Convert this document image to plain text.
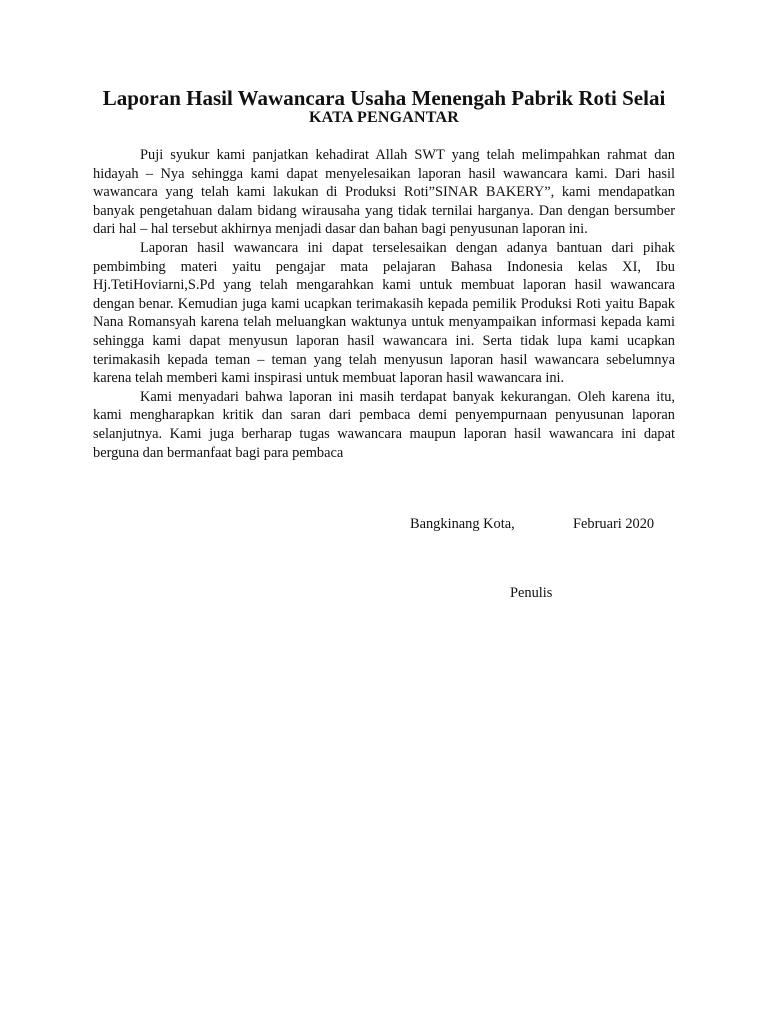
Laporan Hasil Wawancara Usaha Menengah Pabrik Roti Selai
KATA PENGANTAR

Puji syukur kami panjatkan kehadirat Allah SWT yang telah melimpahkan rahmat dan hidayah – Nya sehingga kami dapat menyelesaikan laporan hasil wawancara kami. Dari hasil wawancara yang telah kami lakukan di Produksi Roti”SINAR BAKERY”, kami mendapatkan banyak pengetahuan dalam bidang wirausaha yang tidak ternilai harganya. Dan dengan bersumber dari hal – hal tersebut akhirnya menjadi dasar dan bahan bagi penyusunan laporan ini.

Laporan hasil wawancara ini dapat terselesaikan dengan adanya bantuan dari pihak pembimbing materi yaitu pengajar mata pelajaran Bahasa Indonesia kelas XI, Ibu Hj.TetiHoviarni,S.Pd yang telah mengarahkan kami untuk membuat laporan hasil wawancara dengan benar. Kemudian juga kami ucapkan terimakasih kepada pemilik Produksi Roti yaitu Bapak Nana Romansyah karena telah meluangkan waktunya untuk menyampaikan informasi kepada kami sehingga kami dapat menyusun laporan hasil wawancara ini. Serta tidak lupa kami ucapkan terimakasih kepada teman – teman yang telah menyusun laporan hasil wawancara sebelumnya karena telah memberi kami inspirasi untuk membuat laporan hasil wawancara ini.

Kami menyadari bahwa laporan ini masih terdapat banyak kekurangan. Oleh karena itu, kami mengharapkan kritik dan saran dari pembaca demi penyempurnaan penyusunan laporan selanjutnya. Kami juga berharap tugas wawancara maupun laporan hasil wawancara ini dapat berguna dan bermanfaat bagi para pembaca

Bangkinang Kota,	Februari 2020
Penulis
